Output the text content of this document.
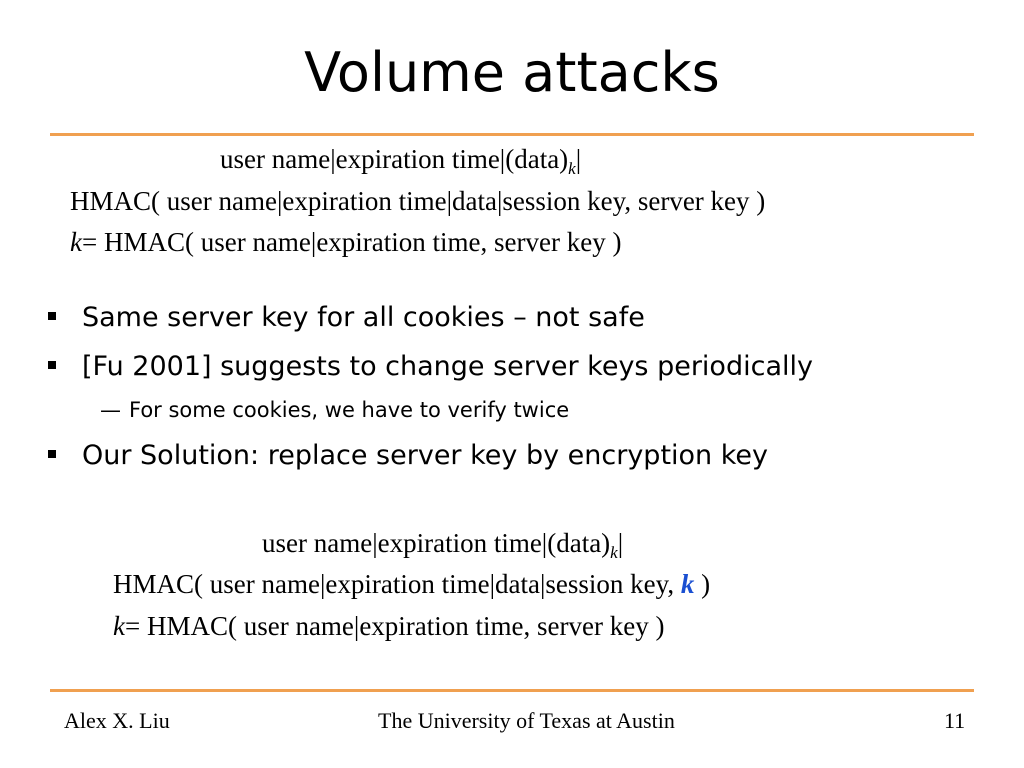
Volume attacks
user name|expiration $time|(data)_k|$
HMAC( user name|expiration time|data|session key, server key )
k= HMAC( user name|expiration time, server key )
Same server key for all cookies – not safe
[Fu 2001] suggests to change server keys periodically
— For some cookies, we have to verify twice
Our Solution: replace server key by encryption key
user name|expiration $time|(data)_k|$
HMAC( user name|expiration time|data|session key, k )
k= HMAC( user name|expiration time, server key )
Alex X. Liu	The University of Texas at Austin	11
